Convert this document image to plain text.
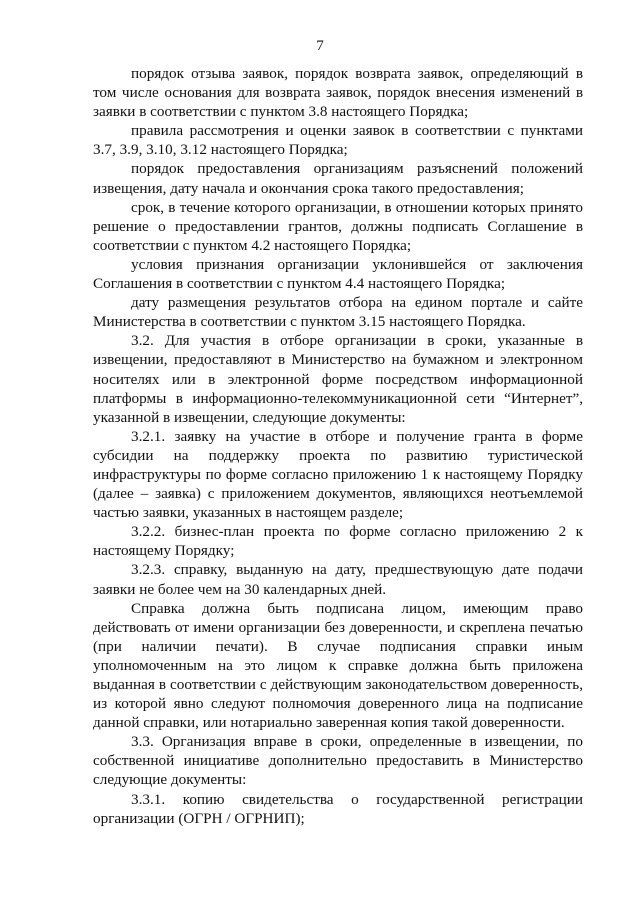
7

порядок отзыва заявок, порядок возврата заявок, определяющий в том числе основания для возврата заявок, порядок внесения изменений в заявки в соответствии с пунктом 3.8 настоящего Порядка;

правила рассмотрения и оценки заявок в соответствии с пунктами 3.7, 3.9, 3.10, 3.12 настоящего Порядка;

порядок предоставления организациям разъяснений положений извещения, дату начала и окончания срока такого предоставления;

срок, в течение которого организации, в отношении которых принято решение о предоставлении грантов, должны подписать Соглашение в соответствии с пунктом 4.2 настоящего Порядка;

условия признания организации уклонившейся от заключения Соглашения в соответствии с пунктом 4.4 настоящего Порядка;

дату размещения результатов отбора на едином портале и сайте Министерства в соответствии с пунктом 3.15 настоящего Порядка.

3.2. Для участия в отборе организации в сроки, указанные в извещении, предоставляют в Министерство на бумажном и электронном носителях или в электронной форме посредством информационной платформы в информационно-телекоммуникационной сети “Интернет”, указанной в извещении, следующие документы:

3.2.1. заявку на участие в отборе и получение гранта в форме субсидии на поддержку проекта по развитию туристической инфраструктуры по форме согласно приложению 1 к настоящему Порядку (далее – заявка) с приложением документов, являющихся неотъемлемой частью заявки, указанных в настоящем разделе;

3.2.2. бизнес-план проекта по форме согласно приложению 2 к настоящему Порядку;

3.2.3. справку, выданную на дату, предшествующую дате подачи заявки не более чем на 30 календарных дней.

Справка должна быть подписана лицом, имеющим право действовать от имени организации без доверенности, и скреплена печатью (при наличии печати). В случае подписания справки иным уполномоченным на это лицом к справке должна быть приложена выданная в соответствии с действующим законодательством доверенность, из которой явно следуют полномочия доверенного лица на подписание данной справки, или нотариально заверенная копия такой доверенности.

3.3. Организация вправе в сроки, определенные в извещении, по собственной инициативе дополнительно предоставить в Министерство следующие документы:

3.3.1. копию свидетельства о государственной регистрации организации (ОГРН / ОГРНИП);
